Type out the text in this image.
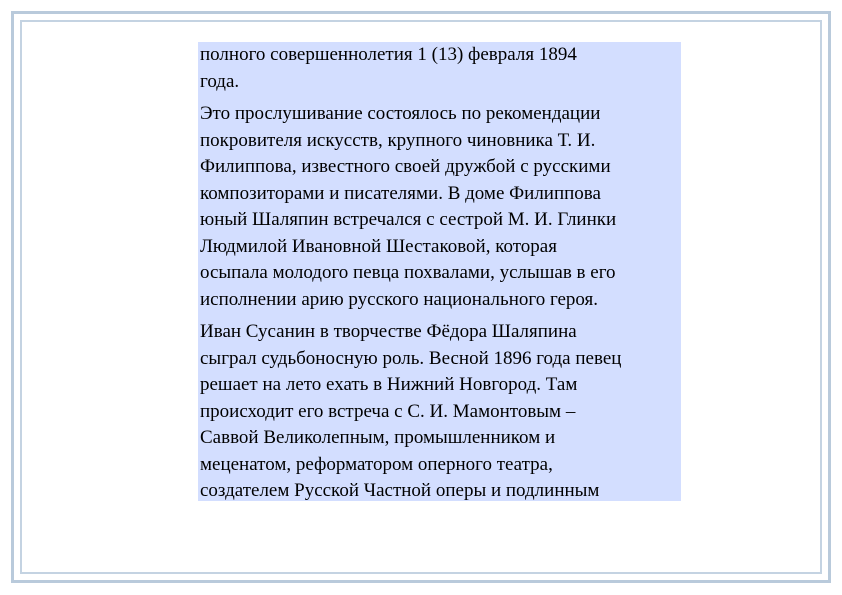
полного совершеннолетия 1 (13) февраля 1894
года.

Это прослушивание состоялось по рекомендации
покровителя искусств, крупного чиновника Т. И.
Филиппова, известного своей дружбой с русскими
композиторами и писателями. В доме Филиппова
юный Шаляпин встречался с сестрой М. И. Глинки
Людмилой Ивановной Шестаковой, которая
осыпала молодого певца похвалами, услышав в его
исполнении арию русского национального героя.

Иван Сусанин в творчестве Фёдора Шаляпина
сыграл судьбоносную роль. Весной 1896 года певец
решает на лето ехать в Нижний Новгород. Там
происходит его встреча с С. И. Мамонтовым –
Саввой Великолепным, промышленником и
меценатом, реформатором оперного театра,
создателем Русской Частной оперы и подлинным
